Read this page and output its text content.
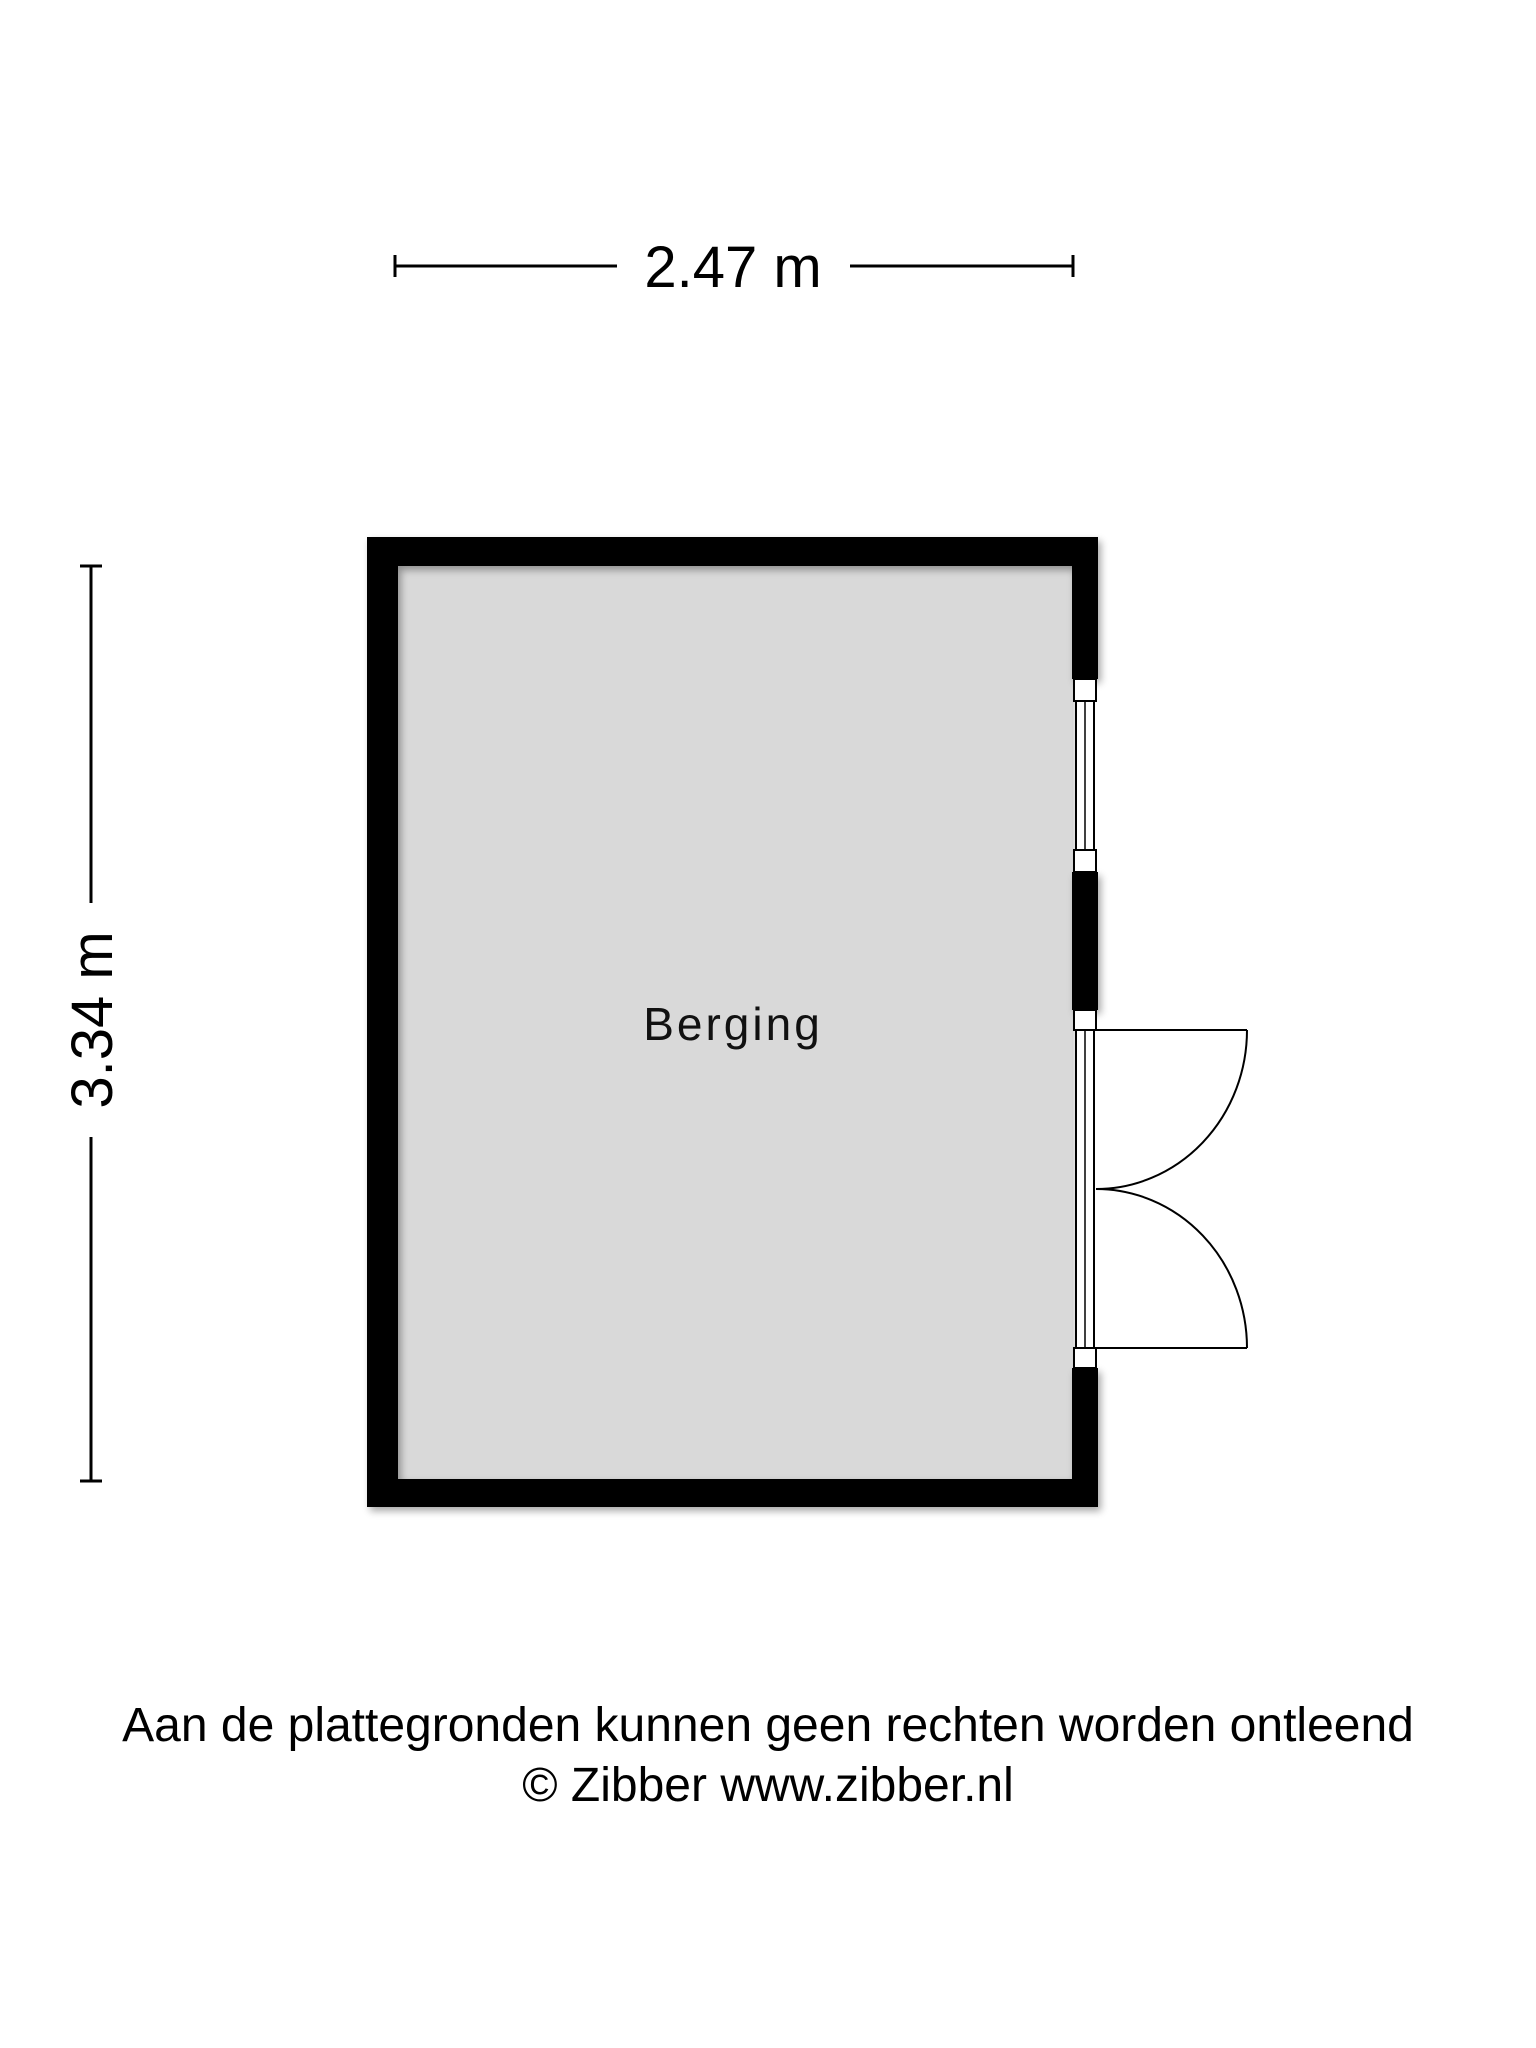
2.47 m
3.34 m	Berging
Aan de plattegronden kunnen geen rechten worden ontleend
© Zibber www.zibber.nl
